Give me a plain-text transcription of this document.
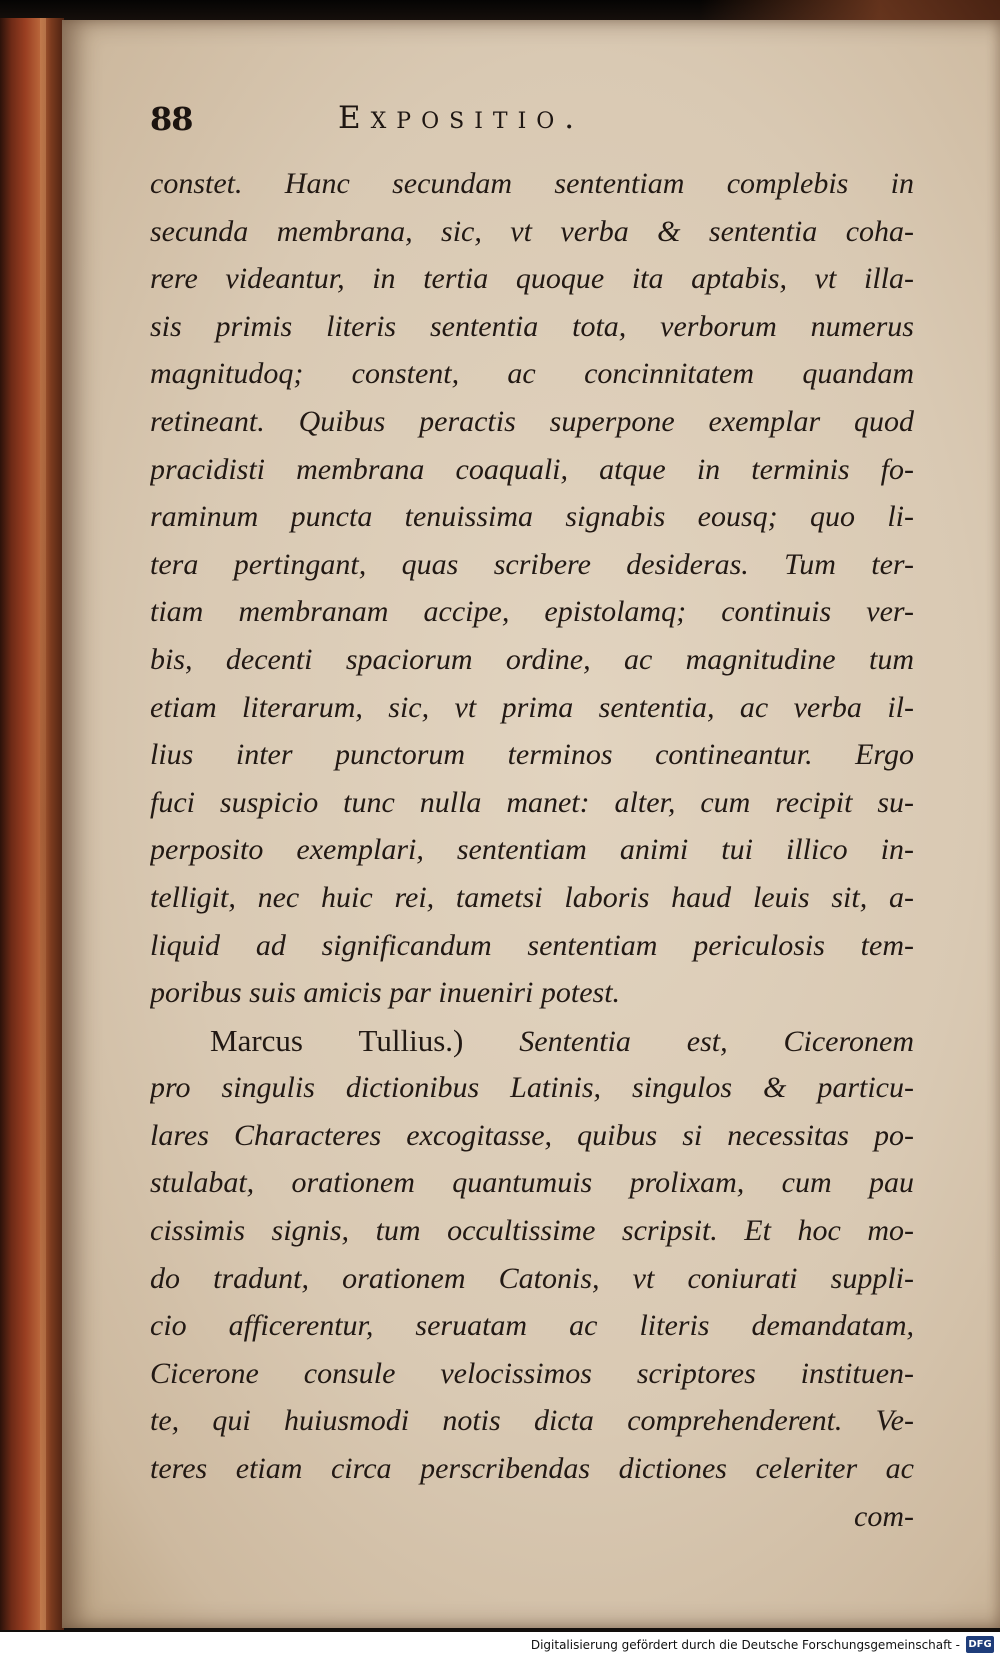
88	Expositio.
constet. Hanc secundam sententiam complebis in
secunda membrana, sic, vt verba & sententia coha-
rere videantur, in tertia quoque ita aptabis, vt illa-
sis primis literis sententia tota, verborum numerus
magnitudoq; constent, ac concinnitatem quandam
retineant. Quibus peractis superpone exemplar quod
pracidisti membrana coaquali, atque in terminis fo-
raminum puncta tenuissima signabis eousq; quo li-
tera pertingant, quas scribere desideras. Tum ter-
tiam membranam accipe, epistolamq; continuis ver-
bis, decenti spaciorum ordine, ac magnitudine tum
etiam literarum, sic, vt prima sententia, ac verba il-
lius inter punctorum terminos contineantur. Ergo
fuci suspicio tunc nulla manet: alter, cum recipit su-
perposito exemplari, sententiam animi tui illico in-
telligit, nec huic rei, tametsi laboris haud leuis sit, a-
liquid ad significandum sententiam periculosis tem-
poribus suis amicis par inueniri potest.
Marcus Tullius.) Sententia est, Ciceronem
pro singulis dictionibus Latinis, singulos & particu-
lares Characteres excogitasse, quibus si necessitas po-
stulabat, orationem quantumuis prolixam, cum pau
cissimis signis, tum occultissime scripsit. Et hoc mo-
do tradunt, orationem Catonis, vt coniurati suppli-
cio afficerentur, seruatam ac literis demandatam,
Cicerone consule velocissimos scriptores instituen-
te, qui huiusmodi notis dicta comprehenderent. Ve-
teres etiam circa perscribendas dictiones celeriter ac
com-
Digitalisierung gefördert durch die Deutsche Forschungsgemeinschaft - DFG
